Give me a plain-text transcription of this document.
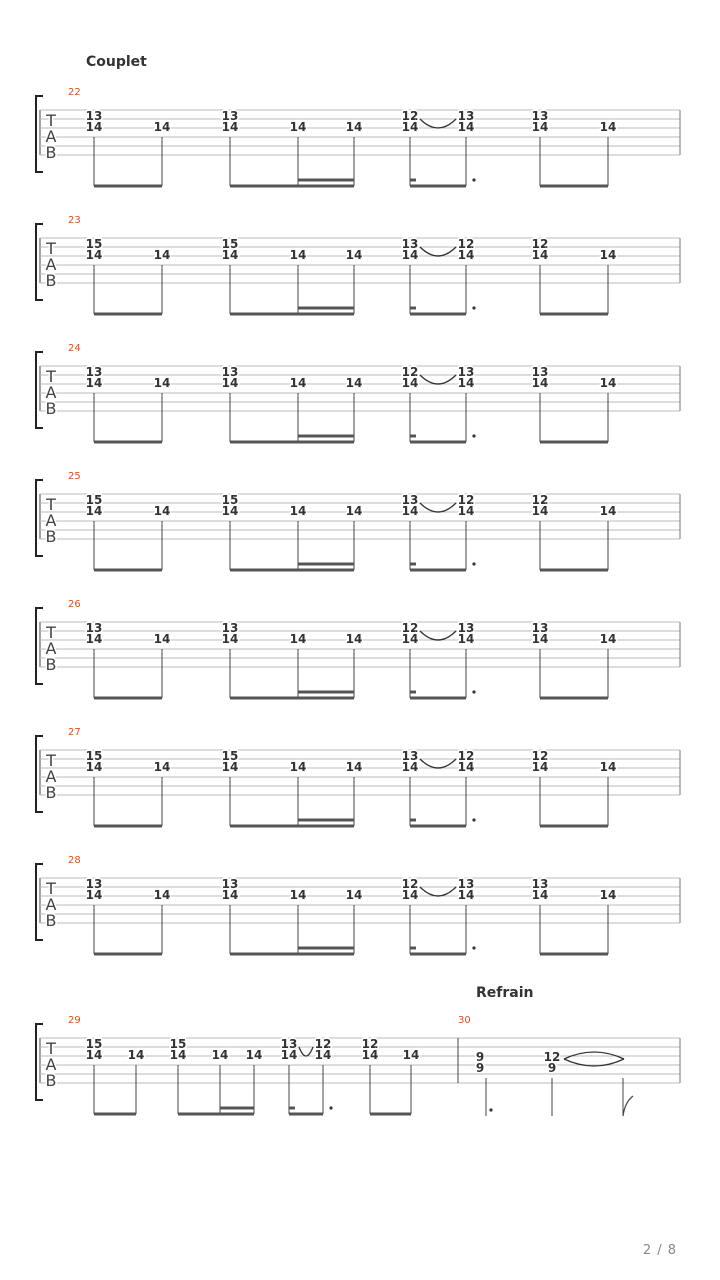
T
A
B
22
13	13	12	13	13
14	14	14	14	14	14	14	14	14
T
A
B
23
15	15	13	12	12
14	14	14	14	14	14	14	14	14
T
A
B
24
13	13	12	13	13
14	14	14	14	14	14	14	14	14
T
A
B
25
15	15	13	12	12
14	14	14	14	14	14	14	14	14
T
A
B
26
13	13	12	13	13
14	14	14	14	14	14	14	14	14
T
A
B
27
15	15	13	12	12
14	14	14	14	14	14	14	14	14
T
A
B
28
13	13	12	13	13
14	14	14	14	14	14	14	14	14
T
A
B
29
15	15	13 12	12
14 14 14 14 14 14 14	14 14
30
9
9
12
9
Couplet
Refrain
2 / 8
